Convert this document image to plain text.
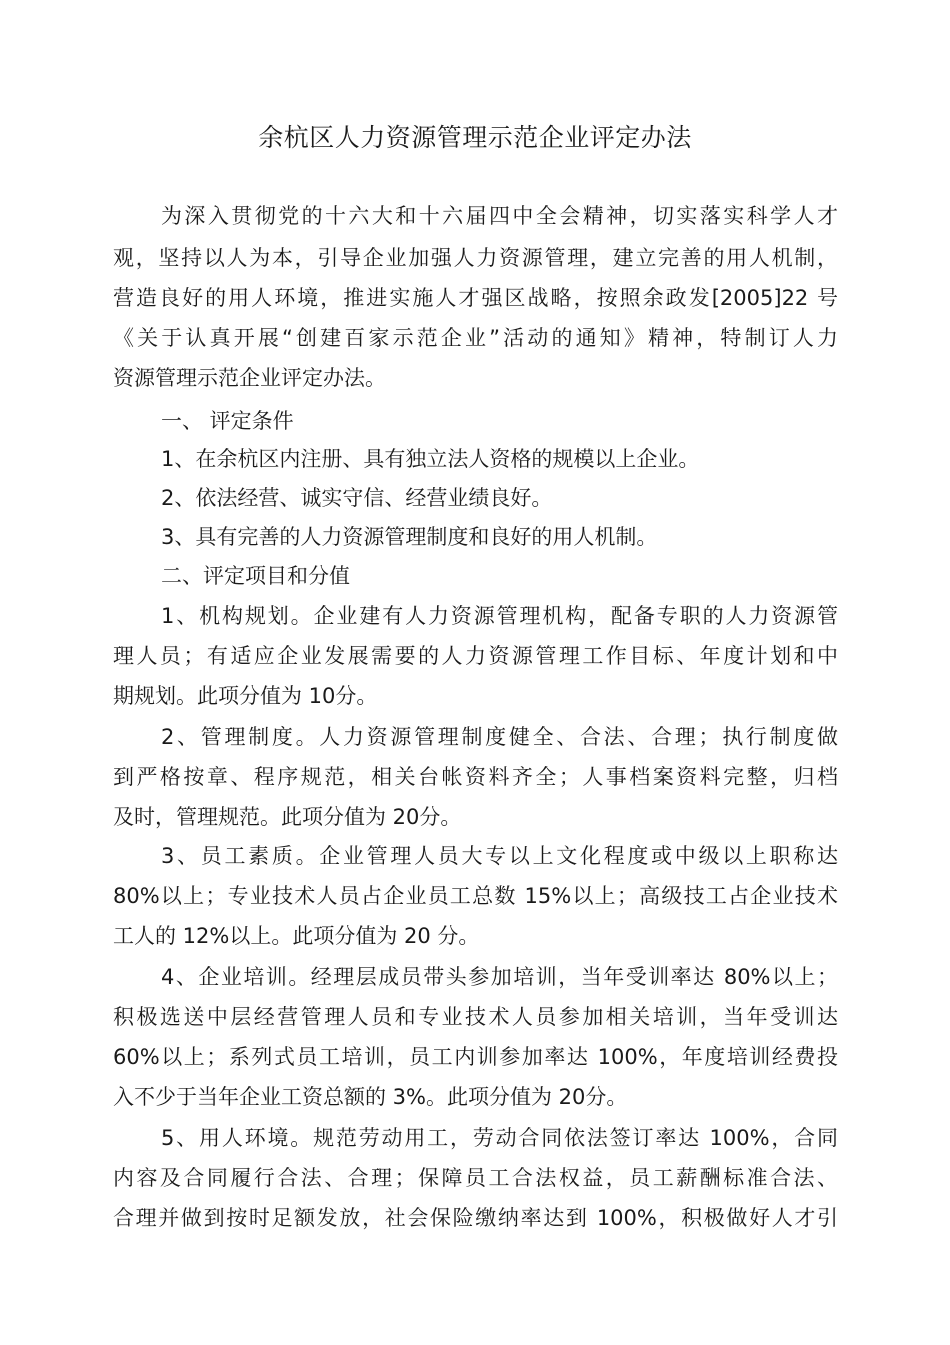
余杭区人力资源管理示范企业评定办法
为深入贯彻党的十六大和十六届四中全会精神，切实落实科学人才
观，坚持以人为本，引导企业加强人力资源管理，建立完善的用人机制，
营造良好的用人环境，推进实施人才强区战略，按照余政发[2005]22 号
《关于认真开展“创建百家示范企业”活动的通知》精神，特制订人力
资源管理示范企业评定办法。
一、 评定条件
1、在余杭区内注册、具有独立法人资格的规模以上企业。
2、依法经营、诚实守信、经营业绩良好。
3、具有完善的人力资源管理制度和良好的用人机制。
二、评定项目和分值
1、机构规划。企业建有人力资源管理机构，配备专职的人力资源管
理人员；有适应企业发展需要的人力资源管理工作目标、年度计划和中
期规划。此项分值为 10分。
2、管理制度。人力资源管理制度健全、合法、合理；执行制度做
到严格按章、程序规范，相关台帐资料齐全；人事档案资料完整，归档
及时，管理规范。此项分值为 20分。
3、员工素质。企业管理人员大专以上文化程度或中级以上职称达
80%以上；专业技术人员占企业员工总数 15%以上；高级技工占企业技术
工人的 12%以上。此项分值为 20 分。
4、企业培训。经理层成员带头参加培训，当年受训率达 80%以上；
积极选送中层经营管理人员和专业技术人员参加相关培训，当年受训达
60%以上；系列式员工培训，员工内训参加率达 100%，年度培训经费投
入不少于当年企业工资总额的 3%。此项分值为 20分。
5、用人环境。规范劳动用工，劳动合同依法签订率达 100%，合同
内容及合同履行合法、合理；保障员工合法权益，员工薪酬标准合法、
合理并做到按时足额发放，社会保险缴纳率达到 100%，积极做好人才引
